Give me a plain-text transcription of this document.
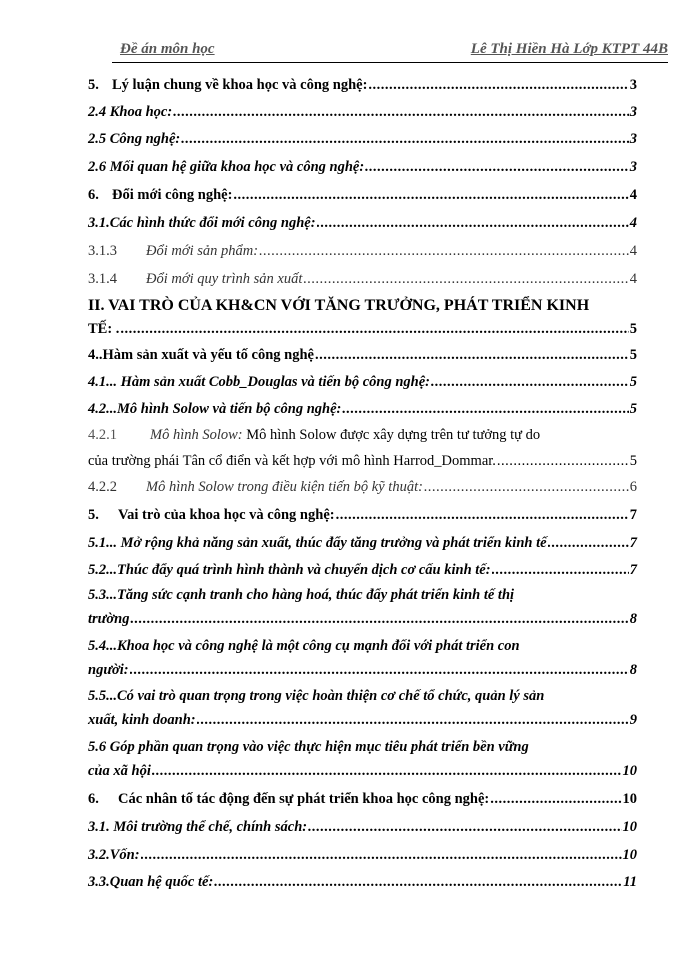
Đề án môn học	Lê Thị Hiền Hà Lớp KTPT 44B
5. Lý luận chung về khoa học và công nghệ: .....	3
2.4 Khoa học: .....	3
2.5 Công nghệ: .....	3
2.6 Mối quan hệ giữa khoa học và công nghệ: .....	3
6. Đổi mới công nghệ: .....	4
3.1.Các hình thức đổi mới công nghệ: .....	4
3.1.3 Đổi mới sản phẩm: .....	4
3.1.4 Đổi mới quy trình sản xuất .....	4
II. VAI TRÒ CỦA KH&CN VỚI TĂNG TRƯỞNG, PHÁT TRIỂN KINH
TẾ: . .....	5
4..Hàm sản xuất và yếu tố công nghệ .....	5
4.1... Hàm sản xuất Cobb_Douglas và tiến bộ công nghệ: .....	5
4.2...Mô hình Solow và tiến bộ công nghệ: .....	5
4.2.1 Mô hình Solow: Mô hình Solow được xây dựng trên tư tưởng tự do
của trường phái Tân cổ điển và kết hợp với mô hình Harrod_Dommar. .....	5
4.2.2 Mô hình Solow trong điều kiện tiến bộ kỹ thuật: .....	6
5. Vai trò của khoa học và công nghệ: .....	7
5.1... Mở rộng khả năng sản xuất, thúc đẩy tăng trưởng và phát triển kinh tế .....	7
5.2...Thúc đẩy quá trình hình thành và chuyển dịch cơ cấu kinh tế: .....	7
5.3...Tăng sức cạnh tranh cho hàng hoá, thúc đẩy phát triển kinh tế thị
trường .....	8
5.4...Khoa học và công nghệ là một công cụ mạnh đối với phát triển con
người: .....	8
5.5...Có vai trò quan trọng trong việc hoàn thiện cơ chế tổ chức, quản lý sản
xuất, kinh doanh: .....	9
5.6 Góp phần quan trọng vào việc thực hiện mục tiêu phát triển bền vững
của xã hội .....	10
6. Các nhân tố tác động đến sự phát triển khoa học công nghệ: .....	10
3.1. Môi trường thể chế, chính sách: .....	10
3.2.Vốn: .....	10
3.3.Quan hệ quốc tế: .....	11
